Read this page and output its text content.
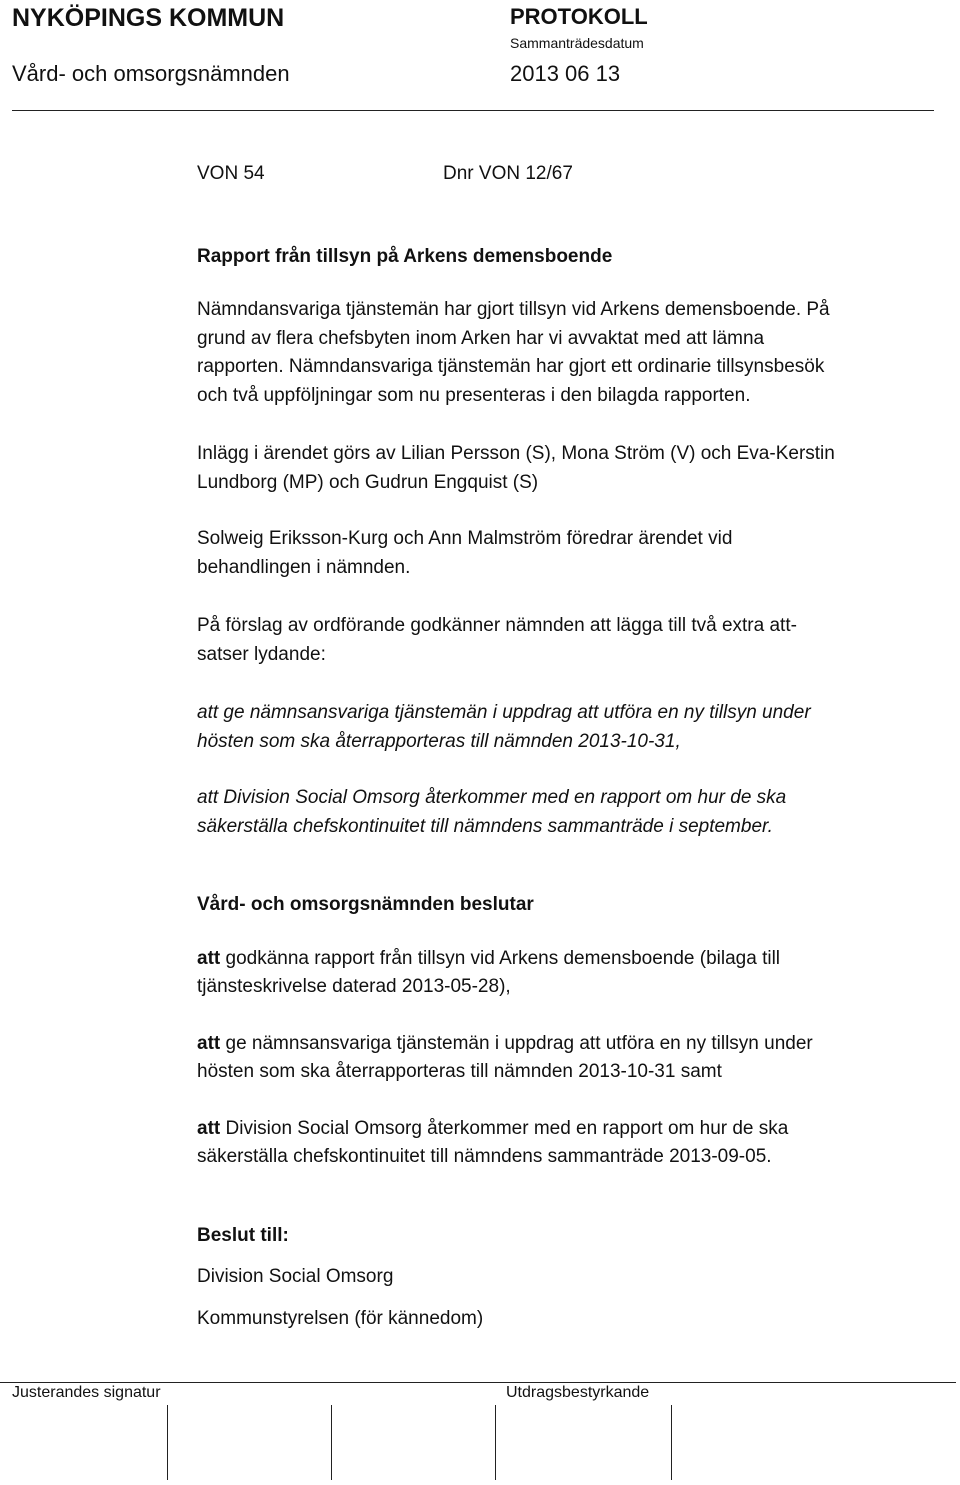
NYKÖPINGS KOMMUN	PROTOKOLL
Sammanträdesdatum
Vård- och omsorgsnämnden	2013 06 13
VON 54	Dnr VON 12/67

Rapport från tillsyn på Arkens demensboende

Nämndansvariga tjänstemän har gjort tillsyn vid Arkens demensboende. På
grund av flera chefsbyten inom Arken har vi avvaktat med att lämna
rapporten. Nämndansvariga tjänstemän har gjort ett ordinarie tillsynsbesök
och två uppföljningar som nu presenteras i den bilagda rapporten.

Inlägg i ärendet görs av Lilian Persson (S), Mona Ström (V) och Eva-Kerstin
Lundborg (MP) och Gudrun Engquist (S)

Solweig Eriksson-Kurg och Ann Malmström föredrar ärendet vid
behandlingen i nämnden.

På förslag av ordförande godkänner nämnden att lägga till två extra att-
satser lydande:

att ge nämnsansvariga tjänstemän i uppdrag att utföra en ny tillsyn under
hösten som ska återrapporteras till nämnden 2013-10-31,

att Division Social Omsorg återkommer med en rapport om hur de ska
säkerställa chefskontinuitet till nämndens sammanträde i september.

Vård- och omsorgsnämnden beslutar

att godkänna rapport från tillsyn vid Arkens demensboende (bilaga till
tjänsteskrivelse daterad 2013-05-28),

att ge nämnsansvariga tjänstemän i uppdrag att utföra en ny tillsyn under
hösten som ska återrapporteras till nämnden 2013-10-31 samt

att Division Social Omsorg återkommer med en rapport om hur de ska
säkerställa chefskontinuitet till nämndens sammanträde 2013-09-05.

Beslut till:

Division Social Omsorg

Kommunstyrelsen (för kännedom)

Justerandes signatur	Utdragsbestyrkande
